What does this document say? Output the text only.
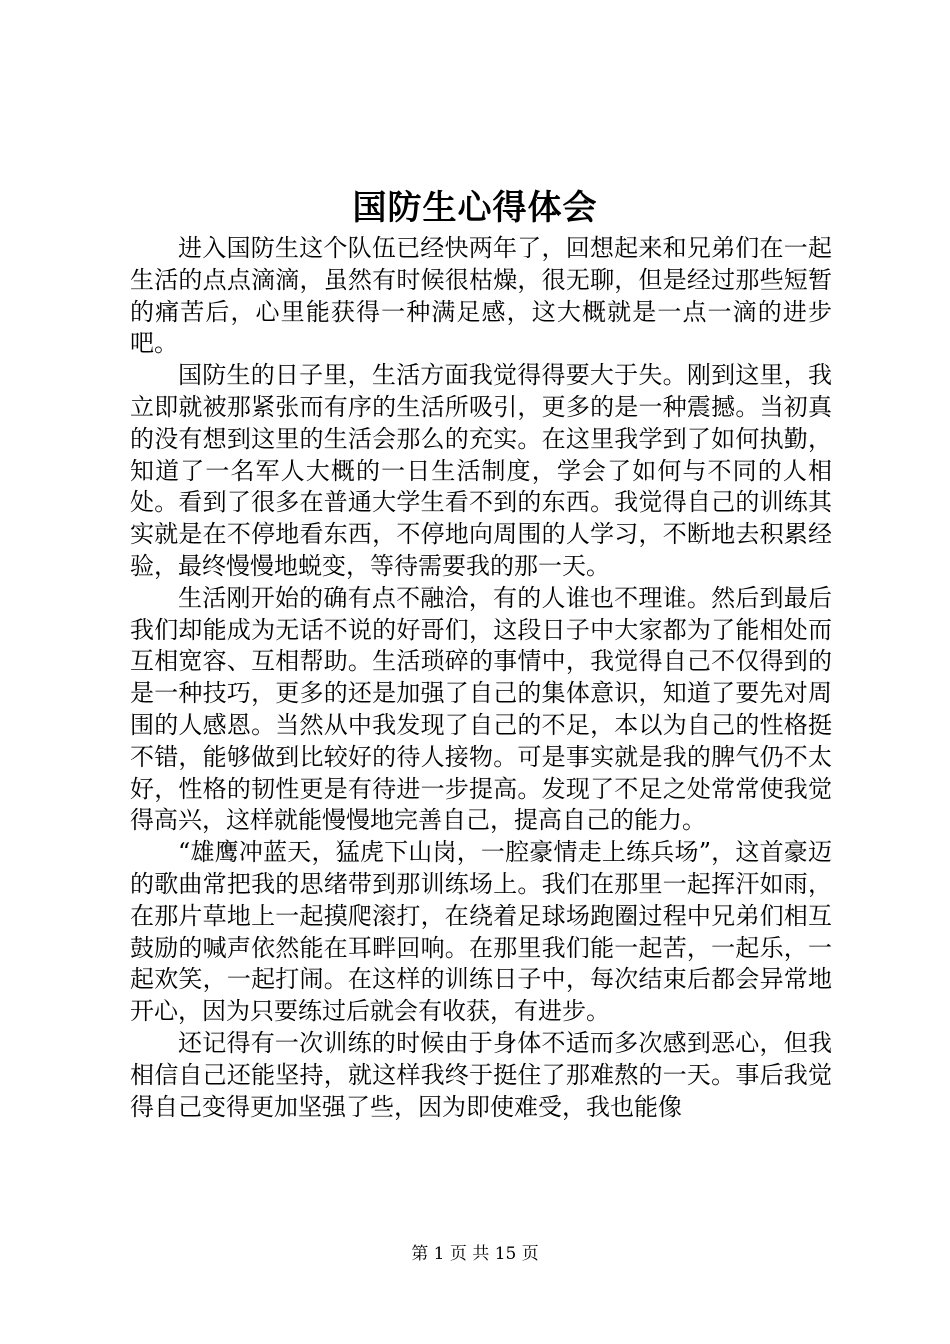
国防生心得体会

进入国防生这个队伍已经快两年了，回想起来和兄弟们在一起生活的点点滴滴，虽然有时候很枯燥，很无聊，但是经过那些短暂的痛苦后，心里能获得一种满足感，这大概就是一点一滴的进步吧。

国防生的日子里，生活方面我觉得得要大于失。刚到这里，我立即就被那紧张而有序的生活所吸引，更多的是一种震撼。当初真的没有想到这里的生活会那么的充实。在这里我学到了如何执勤，知道了一名军人大概的一日生活制度，学会了如何与不同的人相处。看到了很多在普通大学生看不到的东西。我觉得自己的训练其实就是在不停地看东西，不停地向周围的人学习，不断地去积累经验，最终慢慢地蜕变，等待需要我的那一天。

生活刚开始的确有点不融洽，有的人谁也不理谁。然后到最后我们却能成为无话不说的好哥们，这段日子中大家都为了能相处而互相宽容、互相帮助。生活琐碎的事情中，我觉得自己不仅得到的是一种技巧，更多的还是加强了自己的集体意识，知道了要先对周围的人感恩。当然从中我发现了自己的不足，本以为自己的性格挺不错，能够做到比较好的待人接物。可是事实就是我的脾气仍不太好，性格的韧性更是有待进一步提高。发现了不足之处常常使我觉得高兴，这样就能慢慢地完善自己，提高自己的能力。

“雄鹰冲蓝天，猛虎下山岗，一腔豪情走上练兵场”，这首豪迈的歌曲常把我的思绪带到那训练场上。我们在那里一起挥汗如雨，在那片草地上一起摸爬滚打，在绕着足球场跑圈过程中兄弟们相互鼓励的喊声依然能在耳畔回响。在那里我们能一起苦，一起乐，一起欢笑，一起打闹。在这样的训练日子中，每次结束后都会异常地开心，因为只要练过后就会有收获，有进步。

还记得有一次训练的时候由于身体不适而多次感到恶心，但我相信自己还能坚持，就这样我终于挺住了那难熬的一天。事后我觉得自己变得更加坚强了些，因为即使难受，我也能像

第 1 页 共 15 页
